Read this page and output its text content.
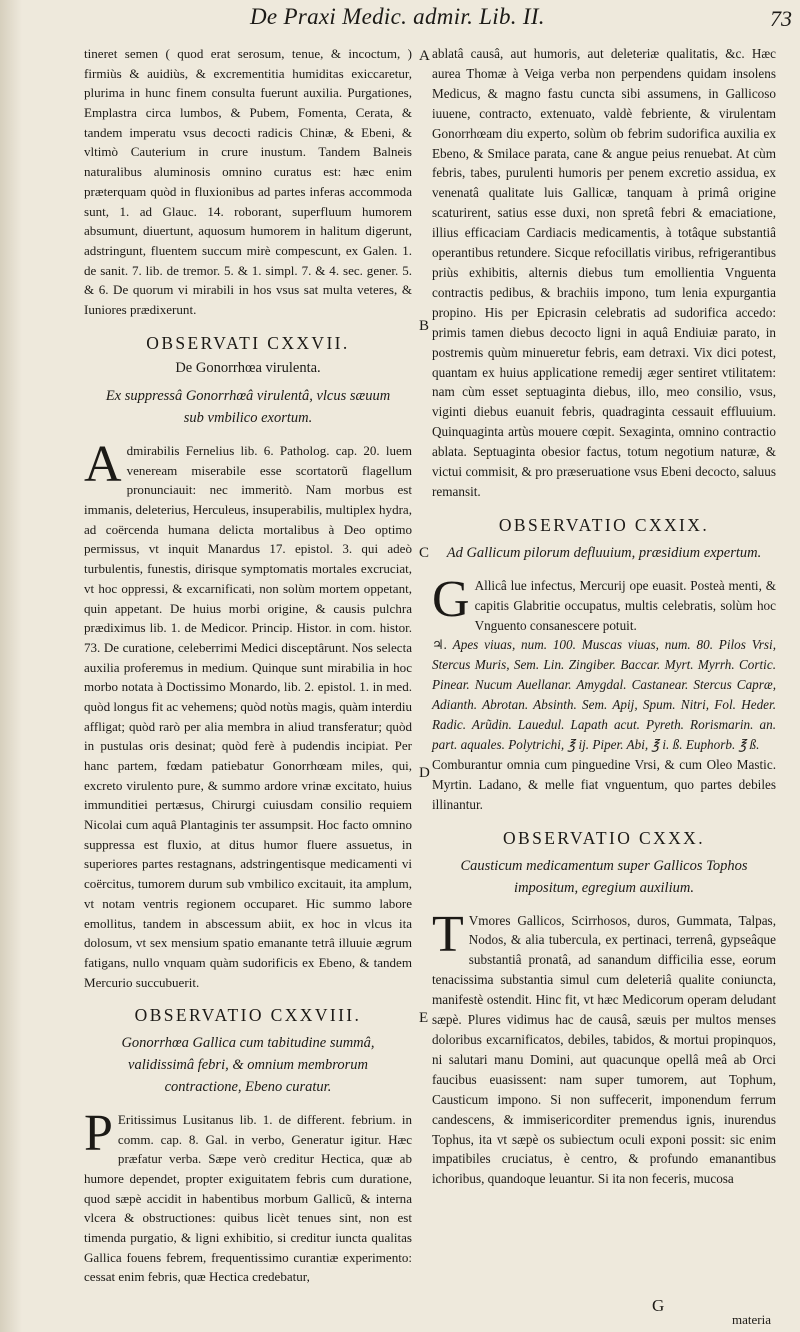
De Praxi Medic. admir. Lib. II.	73

tineret semen ( quod erat serosum, tenue, & incoctum, ) firmiùs & auidiùs, & excrementitia humiditas exiccaretur, plurima in hunc finem consulta fuerunt auxilia. Purgationes, Emplastra circa lumbos, & Pubem, Fomenta, Cerata, & tandem imperatu vsus decocti radicis Chinæ, & Ebeni, & vltimò Cauterium in crure inustum. Tandem Balneis naturalibus aluminosis omnino curatus est: hæc enim præterquam quòd in fluxionibus ad partes inferas accommoda sunt, 1. ad Glauc. 14. roborant, superfluum humorem absumunt, diuertunt, aquosum humorem in halitum digerunt, adstringunt, fluentem succum mirè compescunt, ex Galen. 1. de sanit. 7. lib. de tremor. 5. & 1. simpl. 7. & 4. sec. gener. 5. & 6. De quorum vi mirabili in hos vsus sat multa veteres, & Iuniores prædixerunt.

OBSERVATI CXXVII.
De Gonorrhœa virulenta.
Ex suppressâ Gonorrhœâ virulentâ, vlcus sæuum sub vmbilico exortum.

Admirabilis Fernelius lib. 6. Patholog. cap. 20. luem veneream miserabile esse scortatorũ flagellum pronunciauit: nec immeritò. Nam morbus est immanis, deleterius, Herculeus, insuperabilis, multiplex hydra, ad coërcenda humana delicta mortalibus à Deo optimo permissus, vt inquit Manardus 17. epistol. 3. qui adeò turbulentis, funestis, dirisque symptomatis mortales excruciat, vt hoc oppressi, & excarnificati, non solùm mortem oppetant, quin appetant. De huius morbi origine, & causis pulchra prædiximus lib. 1. de Medicor. Princip. Histor. in com. histor. 73. De curatione, celeberrimi Medici disceptârunt. Nos selecta auxilia proferemus in medium. Quinque sunt mirabilia in hoc morbo notata à Doctissimo Monardo, lib. 2. epistol. 1. in med. quòd longus fit ac vehemens; quòd notùs magis, quàm interdiu affligat; quòd rarò per alia membra in aliud transferatur; quòd in pustulas oris desinat; quòd ferè à pudendis incipiat. Per hanc partem, fœdam patiebatur Gonorrhœam miles, qui, excreto virulento pure, & summo ardore vrinæ excitato, huius immunditiei pertæsus, Chirurgi cuiusdam consilio requiem Nicolai cum aquâ Plantaginis ter assumpsit. Hoc facto omnino suppressa est fluxio, at ditus humor fluere assuetus, in superiores partes restagnans, adstringentisque medicamenti vi coërcitus, tumorem durum sub vmbilico excitauit, ita amplum, vt notam ventris regionem occuparet. Hic summo labore emollitus, tandem in abscessum abiit, ex hoc in vlcus ita dolosum, vt sex mensium spatio emanante tetrâ illuuie ægrum fatigans, nullo vnquam quàm sudorificis ex Ebeno, & tandem Mercurio succubuerit.

OBSERVATIO CXXVIII.
Gonorrhœa Gallica cum tabitudine summâ, validissimâ febri, & omnium membrorum contractione, Ebeno curatur.

P Eritissimus Lusitanus lib. 1. de different. febrium. in comm. cap. 8. Gal. in verbo, Generatur igitur. Hæc præfatur verba. Sæpe verò creditur Hectica, quæ ab humore dependet, propter exiguitatem febris cum duratione, quod sæpè accidit in habentibus morbum Gallicũ, & interna vlcera & obstructiones: quibus licèt tenues sint, non est timenda purgatio, & ligni exhibitio, si creditur iuncta qualitas Gallica fouens febrem, frequentissimo curantiæ experimento: cessat enim febris, quæ Hectica credebatur,

A
B
C
D
E

ablatâ causâ, aut humoris, aut deleteriæ qualitatis, &c. Hæc aurea Thomæ à Veiga verba non perpendens quidam insolens Medicus, & magno fastu cuncta sibi assumens, in Gallicoso iuuene, contracto, extenuato, valdè febriente, & virulentam Gonorrhœam diu experto, solùm ob febrim sudorifica auxilia ex Ebeno, & Smilace parata, cane & angue peius renuebat. At cùm febris, tabes, purulenti humoris per penem excretio assidua, ex venenatâ qualitate luis Gallicæ, tanquam à primâ origine scaturirent, satius esse duxi, non spretâ febri & emaciatione, illius efficaciam Cardiacis medicamentis, à totâque substantiâ operantibus retundere. Sicque refocillatis viribus, refrigerantibus priùs exhibitis, alternis diebus tum emollientia Vnguenta contractis pedibus, & brachiis impono, tum lenia expurgantia propino. His per Epicrasin celebratis ad sudorifica accedo: primis tamen diebus decocto ligni in aquâ Endiuiæ parato, in postremis quùm minueretur febris, eam detraxi. Vix dici potest, quantam ex huius applicatione remedij æger sentiret vtilitatem: nam cùm esset septuaginta diebus, illo, meo consilio, vsus, viginti diebus euanuit febris, quadraginta cessauit effluuium. Quinquaginta artùs mouere cœpit. Sexaginta, omnino contractio ablata. Septuaginta obesior factus, totum negotium naturæ, & victui commisit, & pro præseruatione vsus Ebeni decocto, saluus remansit.

OBSERVATIO CXXIX.
Ad Gallicum pilorum defluuium, præsidium expertum.

G Allicâ lue infectus, Mercurij ope euasit. Posteà menti, & capitis Glabritie occupatus, multis celebratis, solùm hoc Vnguento consanescere potuit.

♃. Apes viuas, num. 100. Muscas viuas, num. 80. Pilos Vrsi, Stercus Muris, Sem. Lin. Zingiber. Baccar. Myrt. Myrrh. Cortic. Pinear. Nucum Auellanar. Amygdal. Castanear. Stercus Capræ, Adianth. Abrotan. Absinth. Sem. Apij, Spum. Nitri, Fol. Heder. Radic. Arũdin. Lauedul. Lapath acut. Pyreth. Rorismarin. an. part. aquales. Polytrichi, ℥ ij. Piper. Abi, ℥ i. ß. Euphorb. ℥ ß.

Comburantur omnia cum pinguedine Vrsi, & cum Oleo Mastic. Myrtin. Ladano, & melle fiat vnguentum, quo partes debiles illinantur.

OBSERVATIO CXXX.
Causticum medicamentum super Gallicos Tophos impositum, egregium auxilium.

T Vmores Gallicos, Scirrhosos, duros, Gummata, Talpas, Nodos, & alia tubercula, ex pertinaci, terrenâ, gypseâque substantiâ pronatâ, ad sanandum difficilia esse, eorum tenacissima substantia simul cum deleteriâ qualite coniuncta, manifestè ostendit. Hinc fit, vt hæc Medicorum operam deludant sæpè. Plures vidimus hac de causâ, sæuis per multos menses doloribus excarnificatos, debiles, tabidos, & mortui propinquos, ni salutari manu Domini, aut quacunque opellâ meâ ab Orci faucibus euasissent: nam super tumorem, aut Tophum, Causticum impono. Si non suffecerit, imponendum ferrum candescens, & immisericorditer premendus ignis, inurendus Tophus, ita vt sæpè os subiectum oculi exponi possit: sic enim impatibiles cruciatus, è centro, & profundo emanantibus ichoribus, quandoque leuantur. Si ita non feceris, mucosa

G
materia
